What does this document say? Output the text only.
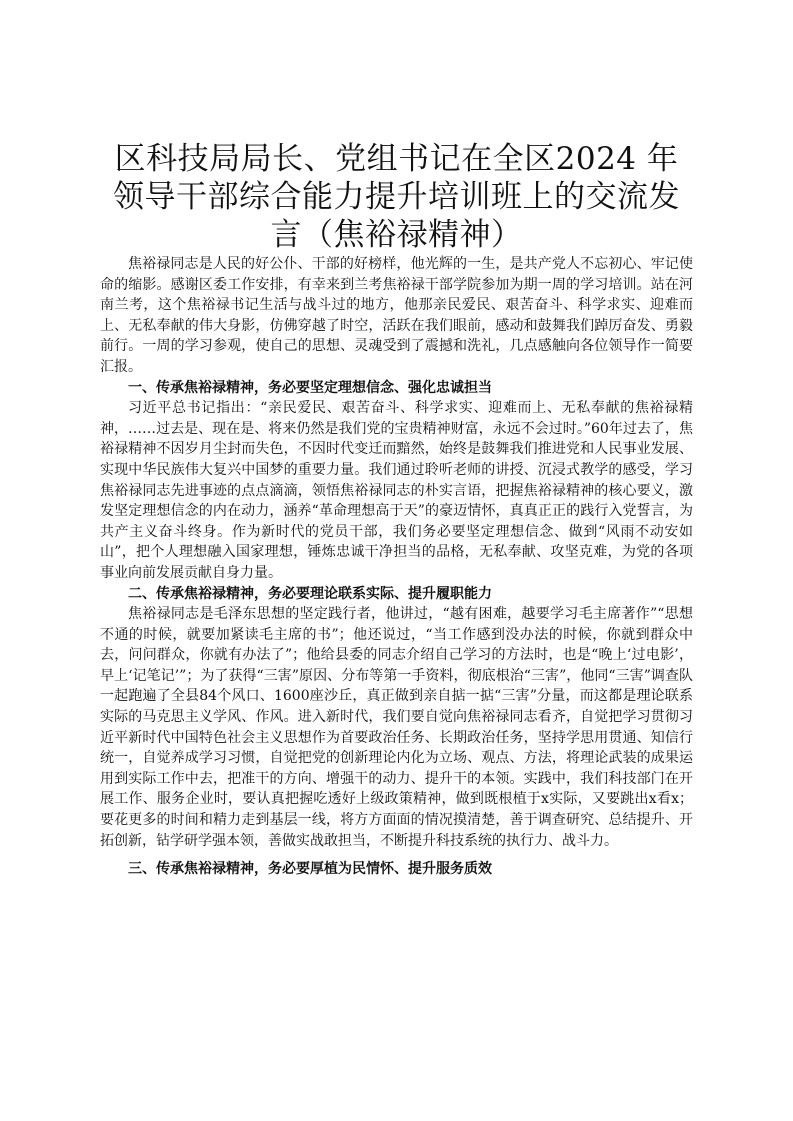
区科技局局长、党组书记在全区2024 年领导干部综合能力提升培训班上的交流发言（焦裕禄精神）

焦裕禄同志是人民的好公仆、干部的好榜样，他光辉的一生，是共产党人不忘初心、牢记使命的缩影。感谢区委工作安排，有幸来到兰考焦裕禄干部学院参加为期一周的学习培训。站在河南兰考，这个焦裕禄书记生活与战斗过的地方，他那亲民爱民、艰苦奋斗、科学求实、迎难而上、无私奉献的伟大身影，仿佛穿越了时空，活跃在我们眼前，感动和鼓舞我们踔厉奋发、勇毅前行。一周的学习参观，使自己的思想、灵魂受到了震撼和洗礼，几点感触向各位领导作一简要汇报。

一、传承焦裕禄精神，务必要坚定理想信念、强化忠诚担当

习近平总书记指出：“亲民爱民、艰苦奋斗、科学求实、迎难而上、无私奉献的焦裕禄精神，……过去是、现在是、将来仍然是我们党的宝贵精神财富，永远不会过时。”60年过去了，焦裕禄精神不因岁月尘封而失色，不因时代变迁而黯然，始终是鼓舞我们推进党和人民事业发展、实现中华民族伟大复兴中国梦的重要力量。我们通过聆听老师的讲授、沉浸式教学的感受，学习焦裕禄同志先进事迹的点点滴滴，领悟焦裕禄同志的朴实言语，把握焦裕禄精神的核心要义，激发坚定理想信念的内在动力，涵养“革命理想高于天”的豪迈情怀，真真正正的践行入党誓言，为共产主义奋斗终身。作为新时代的党员干部，我们务必要坚定理想信念、做到“风雨不动安如山”，把个人理想融入国家理想，锤炼忠诚干净担当的品格，无私奉献、攻坚克难，为党的各项事业向前发展贡献自身力量。

二、传承焦裕禄精神，务必要理论联系实际、提升履职能力

焦裕禄同志是毛泽东思想的坚定践行者，他讲过，“越有困难，越要学习毛主席著作”“思想不通的时候，就要加紧读毛主席的书”；他还说过，“当工作感到没办法的时候，你就到群众中去，问问群众，你就有办法了”；他给县委的同志介绍自己学习的方法时，也是“晚上‘过电影’，早上‘记笔记’”；为了获得“三害”原因、分布等第一手资料，彻底根治“三害”，他同“三害”调查队一起跑遍了全县84个风口、1600座沙丘，真正做到亲自掂一掂“三害”分量，而这都是理论联系实际的马克思主义学风、作风。进入新时代，我们要自觉向焦裕禄同志看齐，自觉把学习贯彻习近平新时代中国特色社会主义思想作为首要政治任务、长期政治任务，坚持学思用贯通、知信行统一，自觉养成学习习惯，自觉把党的创新理论内化为立场、观点、方法，将理论武装的成果运用到实际工作中去，把准干的方向、增强干的动力、提升干的本领。实践中，我们科技部门在开展工作、服务企业时，要认真把握吃透好上级政策精神，做到既根植于x实际，又要跳出x看x；要花更多的时间和精力走到基层一线，将方方面面的情况摸清楚，善于调查研究、总结提升、开拓创新，钻学研学强本领，善做实战敢担当，不断提升科技系统的执行力、战斗力。

三、传承焦裕禄精神，务必要厚植为民情怀、提升服务质效
